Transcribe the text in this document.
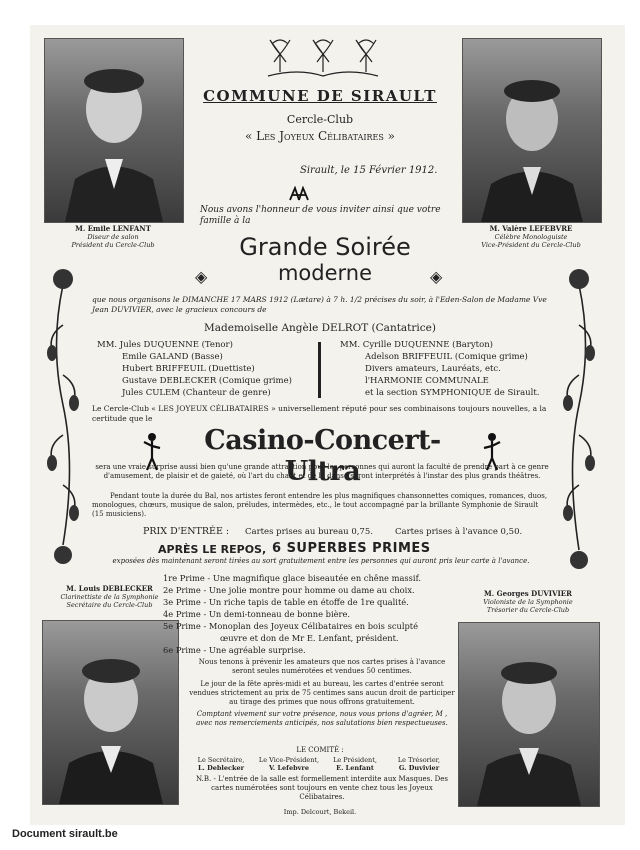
M. Emile LENFANT
Diseur de salon
Président du Cercle-Club
M. Valère LEFEBVRE
Célèbre Monologuiste
Vice-Président du Cercle-Club
M. Louis DEBLECKER
Clarinettiste de la Symphonie
Secrétaire du Cercle-Club
M. Georges DUVIVIER
Violoniste de la Symphonie
Trésorier du Cercle-Club
COMMUNE DE SIRAULT
Cercle-Club
« Les Joyeux Célibataires »
Sirault, le 15 Février 1912.
Nous avons l'honneur de vous inviter ainsi que votre famille à la
Grande Soirée
moderne
◈	◈
que nous organisons le DIMANCHE 17 MARS 1912 (Lætare) à 7 h. 1/2 précises du soir, à l'Eden-Salon de Madame Vve Jean DUVIVIER, avec le gracieux concours de
Mademoiselle Angèle DELROT (Cantatrice)
MM. Jules DUQUENNE (Tenor)
Emile GALAND (Basse)
Hubert BRIFFEUIL (Duettiste)
Gustave DEBLECKER (Comique grime)
Jules CULEM (Chanteur de genre)
MM. Cyrille DUQUENNE (Baryton)
Adelson BRIFFEUIL (Comique grime)
Divers amateurs, Lauréats, etc.
l'HARMONIE COMMUNALE
et la section SYMPHONIQUE de Sirault.
Le Cercle-Club « LES JOYEUX CÉLIBATAIRES » universellement réputé pour ses combinaisons toujours nouvelles, a la certitude que le
Casino-Concert-Ultra
sera une vraie surprise aussi bien qu'une grande attraction pour les personnes qui auront la faculté de prendre part à ce genre d'amusement, de plaisir et de gaieté, où l'art du chant et de la danse seront interprétés à l'instar des plus grands théâtres.
Pendant toute la durée du Bal, nos artistes feront entendre les plus magnifiques chansonnettes comiques, romances, duos, monologues, chœurs, musique de salon, préludes, intermèdes, etc., le tout accompagné par la brillante Symphonie de Sirault (15 musiciens).
PRIX D'ENTRÉE : Cartes prises au bureau 0,75.	Cartes prises à l'avance 0,50.
APRÈS LE REPOS, 6 SUPERBES PRIMES
exposées dès maintenant seront tirées au sort gratuitement entre les personnes qui auront pris leur carte à l'avance.
1re Prime - Une magnifique glace biseautée en chêne massif.
2e Prime - Une jolie montre pour homme ou dame au choix.
3e Prime - Un riche tapis de table en étoffe de 1re qualité.
4e Prime - Un demi-tonneau de bonne bière.
5e Prime - Monoplan des Joyeux Célibataires en bois sculpté
œuvre et don de Mr E. Lenfant, président.
6e Prime - Une agréable surprise.
Nous tenons à prévenir les amateurs que nos cartes prises à l'avance seront seules numérotées et vendues 50 centimes.
Le jour de la fête après-midi et au bureau, les cartes d'entrée seront vendues strictement au prix de 75 centimes sans aucun droit de participer au tirage des primes que nous offrons gratuitement.
Comptant vivement sur votre présence, nous vous prions d'agréer, M , avec nos remerciements anticipés, nos salutations bien respectueuses.
LE COMITÉ :
Le Secrétaire,
L. Deblecker
Le Vice-Président,
V. Lefebvre
Le Président,
E. Lenfant
Le Trésorier,
G. Duvivier
N.B. - L'entrée de la salle est formellement interdite aux Masques. Des cartes numérotées sont toujours en vente chez tous les Joyeux Célibataires.
Imp. Delcourt, Bekeil.
Document sirault.be
